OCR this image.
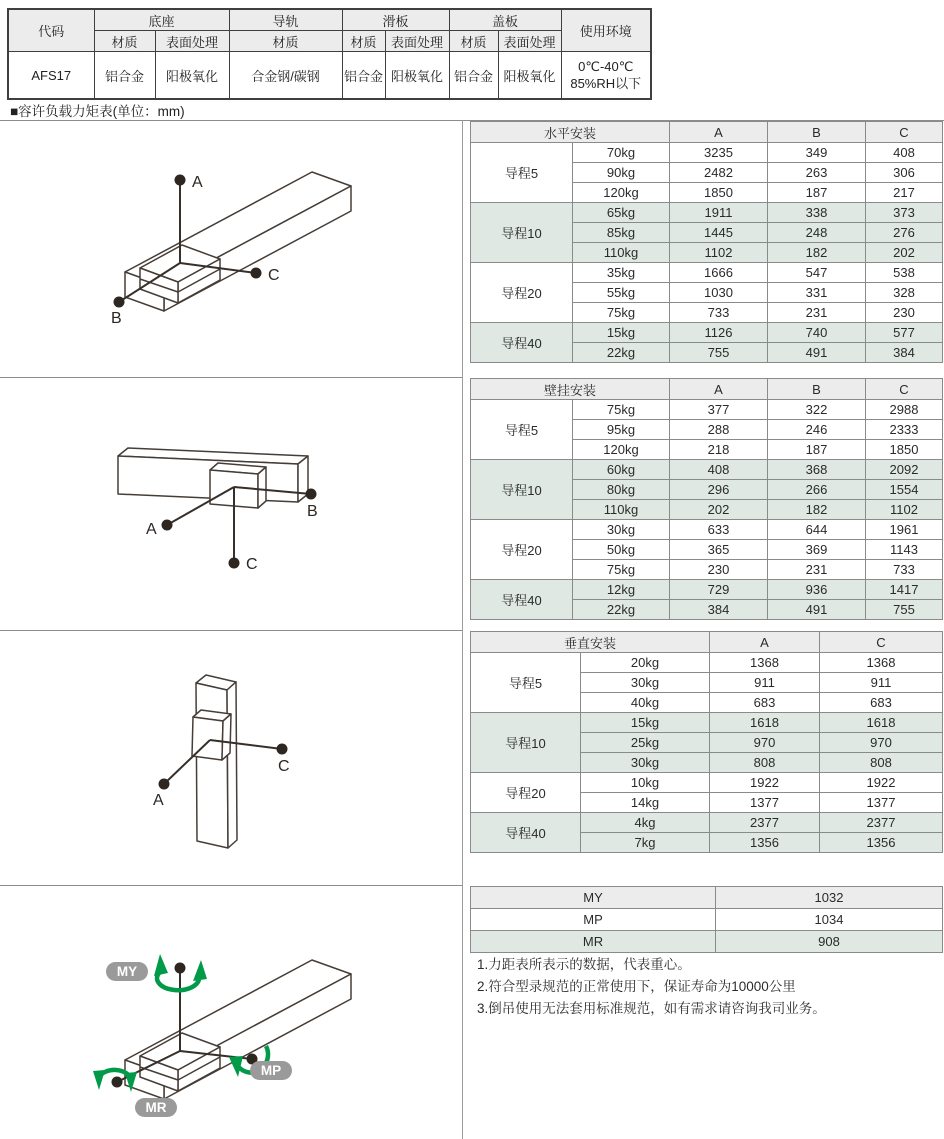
代码	底座		导轨	滑板		盖板		使用环境
	材质	表面处理	材质	材质	表面处理	材质	表面处理	
AFS17	铝合金	阳极氧化	合金钢/碳钢	铝合金	阳极氧化	铝合金	阳极氧化	0℃-40℃
85%RH以下
■容许负载力矩表(单位：mm)
水平安装		A	B	C
导程5	70kg	3235	349	408
	90kg	2482	263	306
	120kg	1850	187	217
导程10	65kg	1911	338	373
	85kg	1445	248	276
	110kg	1102	182	202
导程20	35kg	1666	547	538
	55kg	1030	331	328
	75kg	733	231	230
导程40	15kg	1126	740	577
	22kg	755	491	384
壁挂安装		A	B	C
导程5	75kg	377	322	2988
	95kg	288	246	2333
	120kg	218	187	1850
导程10	60kg	408	368	2092
	80kg	296	266	1554
	110kg	202	182	1102
导程20	30kg	633	644	1961
	50kg	365	369	1143
	75kg	230	231	733
导程40	12kg	729	936	1417
	22kg	384	491	755
垂直安装		A	C
导程5	20kg	1368	1368
	30kg	911	911
	40kg	683	683
导程10	15kg	1618	1618
	25kg	970	970
	30kg	808	808
导程20	10kg	1922	1922
	14kg	1377	1377
导程40	4kg	2377	2377
	7kg	1356	1356
MY	1032
MP	1034
MR	908
1.力距表所表示的数据，代表重心。
2.符合型录规范的正常使用下，保证寿命为10000公里
3.倒吊使用无法套用标准规范，如有需求请咨询我司业务。
A
C
B
B
A
C
C
A
MY
MP
MR
